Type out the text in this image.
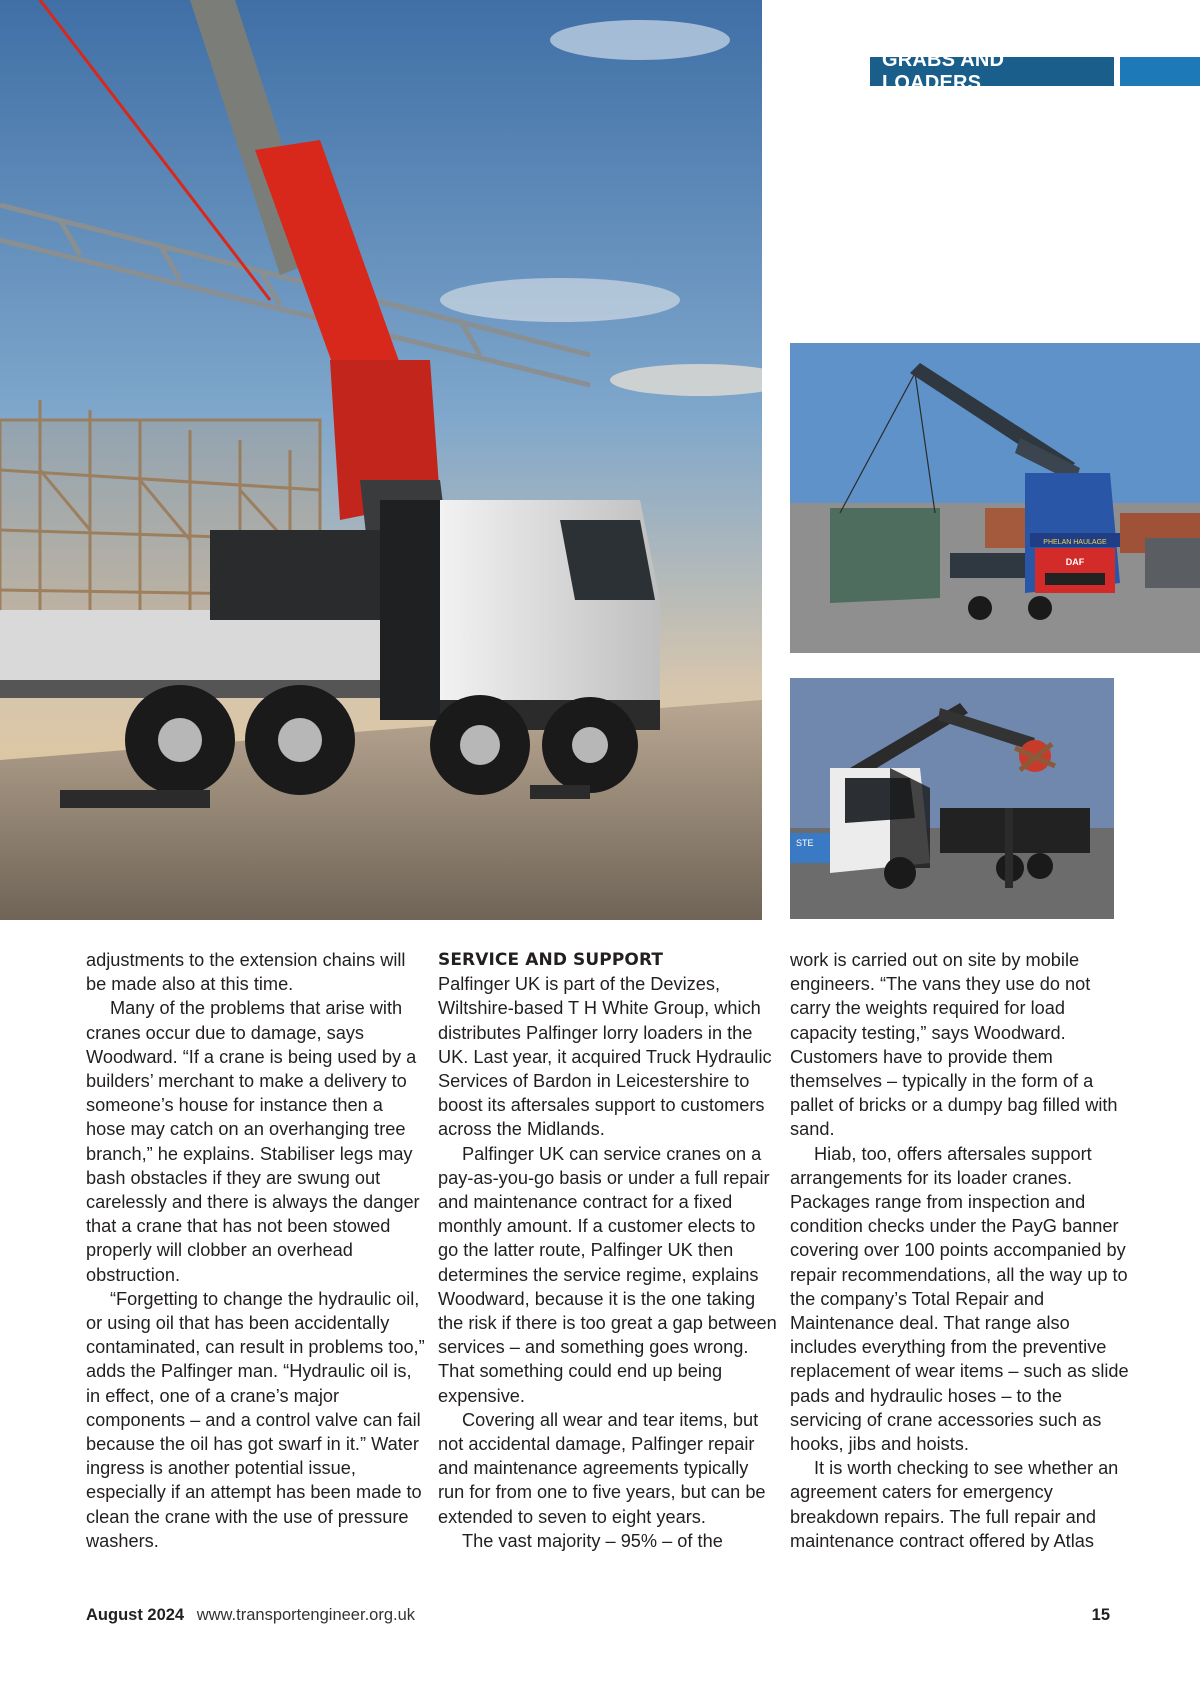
GRABS AND LOADERS
PHELAN HAULAGE
DAF
STE

adjustments to the extension chains will be made also at this time.

Many of the problems that arise with cranes occur due to damage, says Woodward. “If a crane is being used by a builders’ merchant to make a delivery to someone’s house for instance then a hose may catch on an overhanging tree branch,” he explains. Stabiliser legs may bash obstacles if they are swung out carelessly and there is always the danger that a crane that has not been stowed properly will clobber an overhead obstruction.

“Forgetting to change the hydraulic oil, or using oil that has been accidentally contaminated, can result in problems too,” adds the Palfinger man. “Hydraulic oil is, in effect, one of a crane’s major components – and a control valve can fail because the oil has got swarf in it.” Water ingress is another potential issue, especially if an attempt has been made to clean the crane with the use of pressure washers.

SERVICE AND SUPPORT

Palfinger UK is part of the Devizes, Wiltshire-based T H White Group, which distributes Palfinger lorry loaders in the UK. Last year, it acquired Truck Hydraulic Services of Bardon in Leicestershire to boost its aftersales support to customers across the Midlands.

Palfinger UK can service cranes on a pay-as-you-go basis or under a full repair and maintenance contract for a fixed monthly amount. If a customer elects to go the latter route, Palfinger UK then determines the service regime, explains Woodward, because it is the one taking the risk if there is too great a gap between services – and something goes wrong. That something could end up being expensive.

Covering all wear and tear items, but not accidental damage, Palfinger repair and maintenance agreements typically run for from one to five years, but can be extended to seven to eight years.

The vast majority – 95% – of the

work is carried out on site by mobile engineers. “The vans they use do not carry the weights required for load capacity testing,” says Woodward. Customers have to provide them themselves – typically in the form of a pallet of bricks or a dumpy bag filled with sand.

Hiab, too, offers aftersales support arrangements for its loader cranes. Packages range from inspection and condition checks under the PayG banner covering over 100 points accompanied by repair recommendations, all the way up to the company’s Total Repair and Maintenance deal. That range also includes everything from the preventive replacement of wear items – such as slide pads and hydraulic hoses – to the servicing of crane accessories such as hooks, jibs and hoists.

It is worth checking to see whether an agreement caters for emergency breakdown repairs. The full repair and maintenance contract offered by Atlas

August 2024 www.transportengineer.org.uk	15
